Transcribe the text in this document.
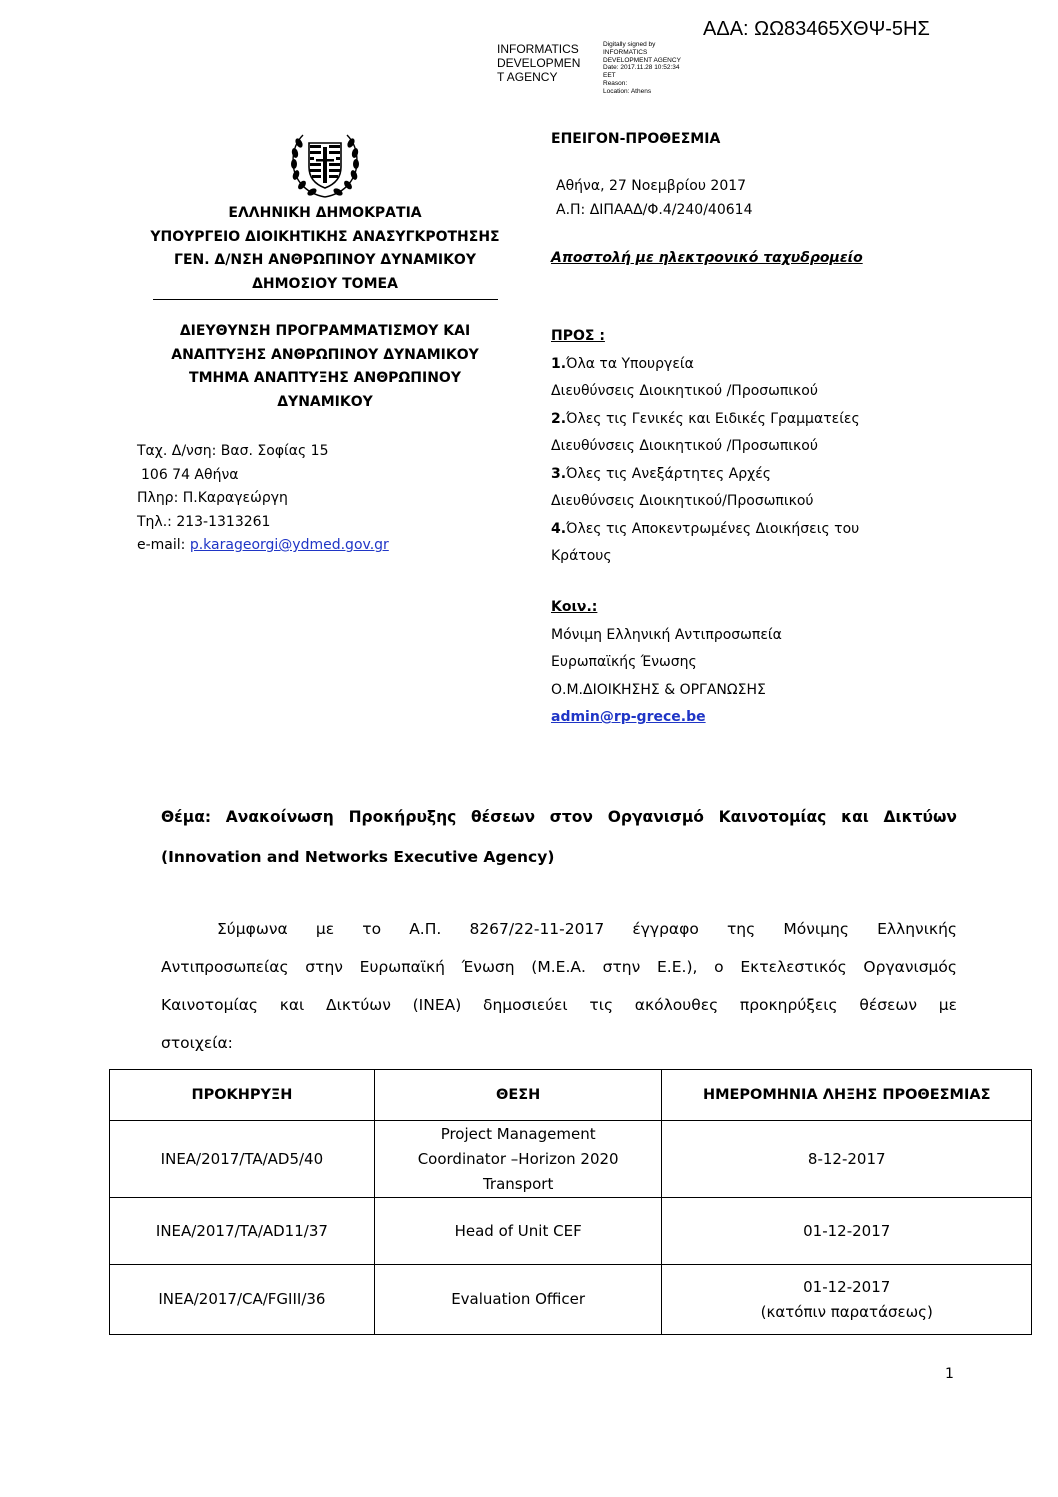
ΑΔΑ: ΩΩ83465ΧΘΨ-5ΗΣ
INFORMATICS
DEVELOPMEN
T AGENCY
Digitally signed by
INFORMATICS
DEVELOPMENT AGENCY
Date: 2017.11.28 10:52:34
EET
Reason:
Location: Athens
ΕΛΛΗΝΙΚΗ ΔΗΜΟΚΡΑΤΙΑ
ΥΠΟΥΡΓΕΙΟ ΔΙΟΙΚΗΤΙΚΗΣ ΑΝΑΣΥΓΚΡΟΤΗΣΗΣ
ΓΕΝ. Δ/ΝΣΗ ΑΝΘΡΩΠΙΝΟΥ ΔΥΝΑΜΙΚΟΥ
ΔΗΜΟΣΙΟΥ ΤΟΜΕΑ
ΔΙΕΥΘΥΝΣΗ ΠΡΟΓΡΑΜΜΑΤΙΣΜΟΥ ΚΑΙ
ΑΝΑΠΤΥΞΗΣ ΑΝΘΡΩΠΙΝΟΥ ΔΥΝΑΜΙΚΟΥ
ΤΜΗΜΑ ΑΝΑΠΤΥΞΗΣ ΑΝΘΡΩΠΙΝΟΥ
ΔΥΝΑΜΙΚΟΥ
Ταχ. Δ/νση: Βασ. Σοφίας 15
106 74 Αθήνα
Πληρ: Π.Καραγεώργη
Τηλ.: 213-1313261
e-mail: p.karageorgi@ydmed.gov.gr
ΕΠΕΙΓΟΝ-ΠΡΟΘΕΣΜΙΑ
Αθήνα, 27 Νοεμβρίου 2017
Α.Π: ΔΙΠΑΑΔ/Φ.4/240/40614
Αποστολή με ηλεκτρονικό ταχυδρομείο
ΠΡΟΣ :
1.Όλα τα Υπουργεία
Διευθύνσεις Διοικητικού /Προσωπικού
2.Όλες τις Γενικές και Ειδικές Γραμματείες
Διευθύνσεις Διοικητικού /Προσωπικού
3.Όλες τις Ανεξάρτητες Αρχές
Διευθύνσεις Διοικητικού/Προσωπικού
4.Όλες τις Αποκεντρωμένες Διοικήσεις του
Κράτους
Κοιν.:
Μόνιμη Ελληνική Αντιπροσωπεία
Ευρωπαϊκής Ένωσης
Ο.Μ.ΔΙΟΙΚΗΣΗΣ & ΟΡΓΑΝΩΣΗΣ
admin@rp-grece.be
Θέμα: Ανακοίνωση Προκήρυξης θέσεων στον Οργανισμό Καινοτομίας και Δικτύων
(Innovation and Networks Executive Agency)
Σύμφωνα με το Α.Π. 8267/22-11-2017 έγγραφο της Μόνιμης Ελληνικής
Αντιπροσωπείας στην Ευρωπαϊκή Ένωση (Μ.Ε.Α. στην Ε.Ε.), ο Εκτελεστικός Οργανισμός
Καινοτομίας και Δικτύων (ΙΝΕΑ) δημοσιεύει τις ακόλουθες προκηρύξεις θέσεων με
στοιχεία:
ΠΡΟΚΗΡΥΞΗ	ΘΕΣΗ	ΗΜΕΡΟΜΗΝΙΑ ΛΗΞΗΣ ΠΡΟΘΕΣΜΙΑΣ
INEA/2017/TA/AD5/40	Project Management
Coordinator –Horizon 2020
Transport	8-12-2017

INEA/2017/TA/AD11/37	Head of Unit CEF	01-12-2017

INEA/2017/CA/FGIII/36	Evaluation Officer	01-12-2017
(κατόπιν παρατάσεως)
1
